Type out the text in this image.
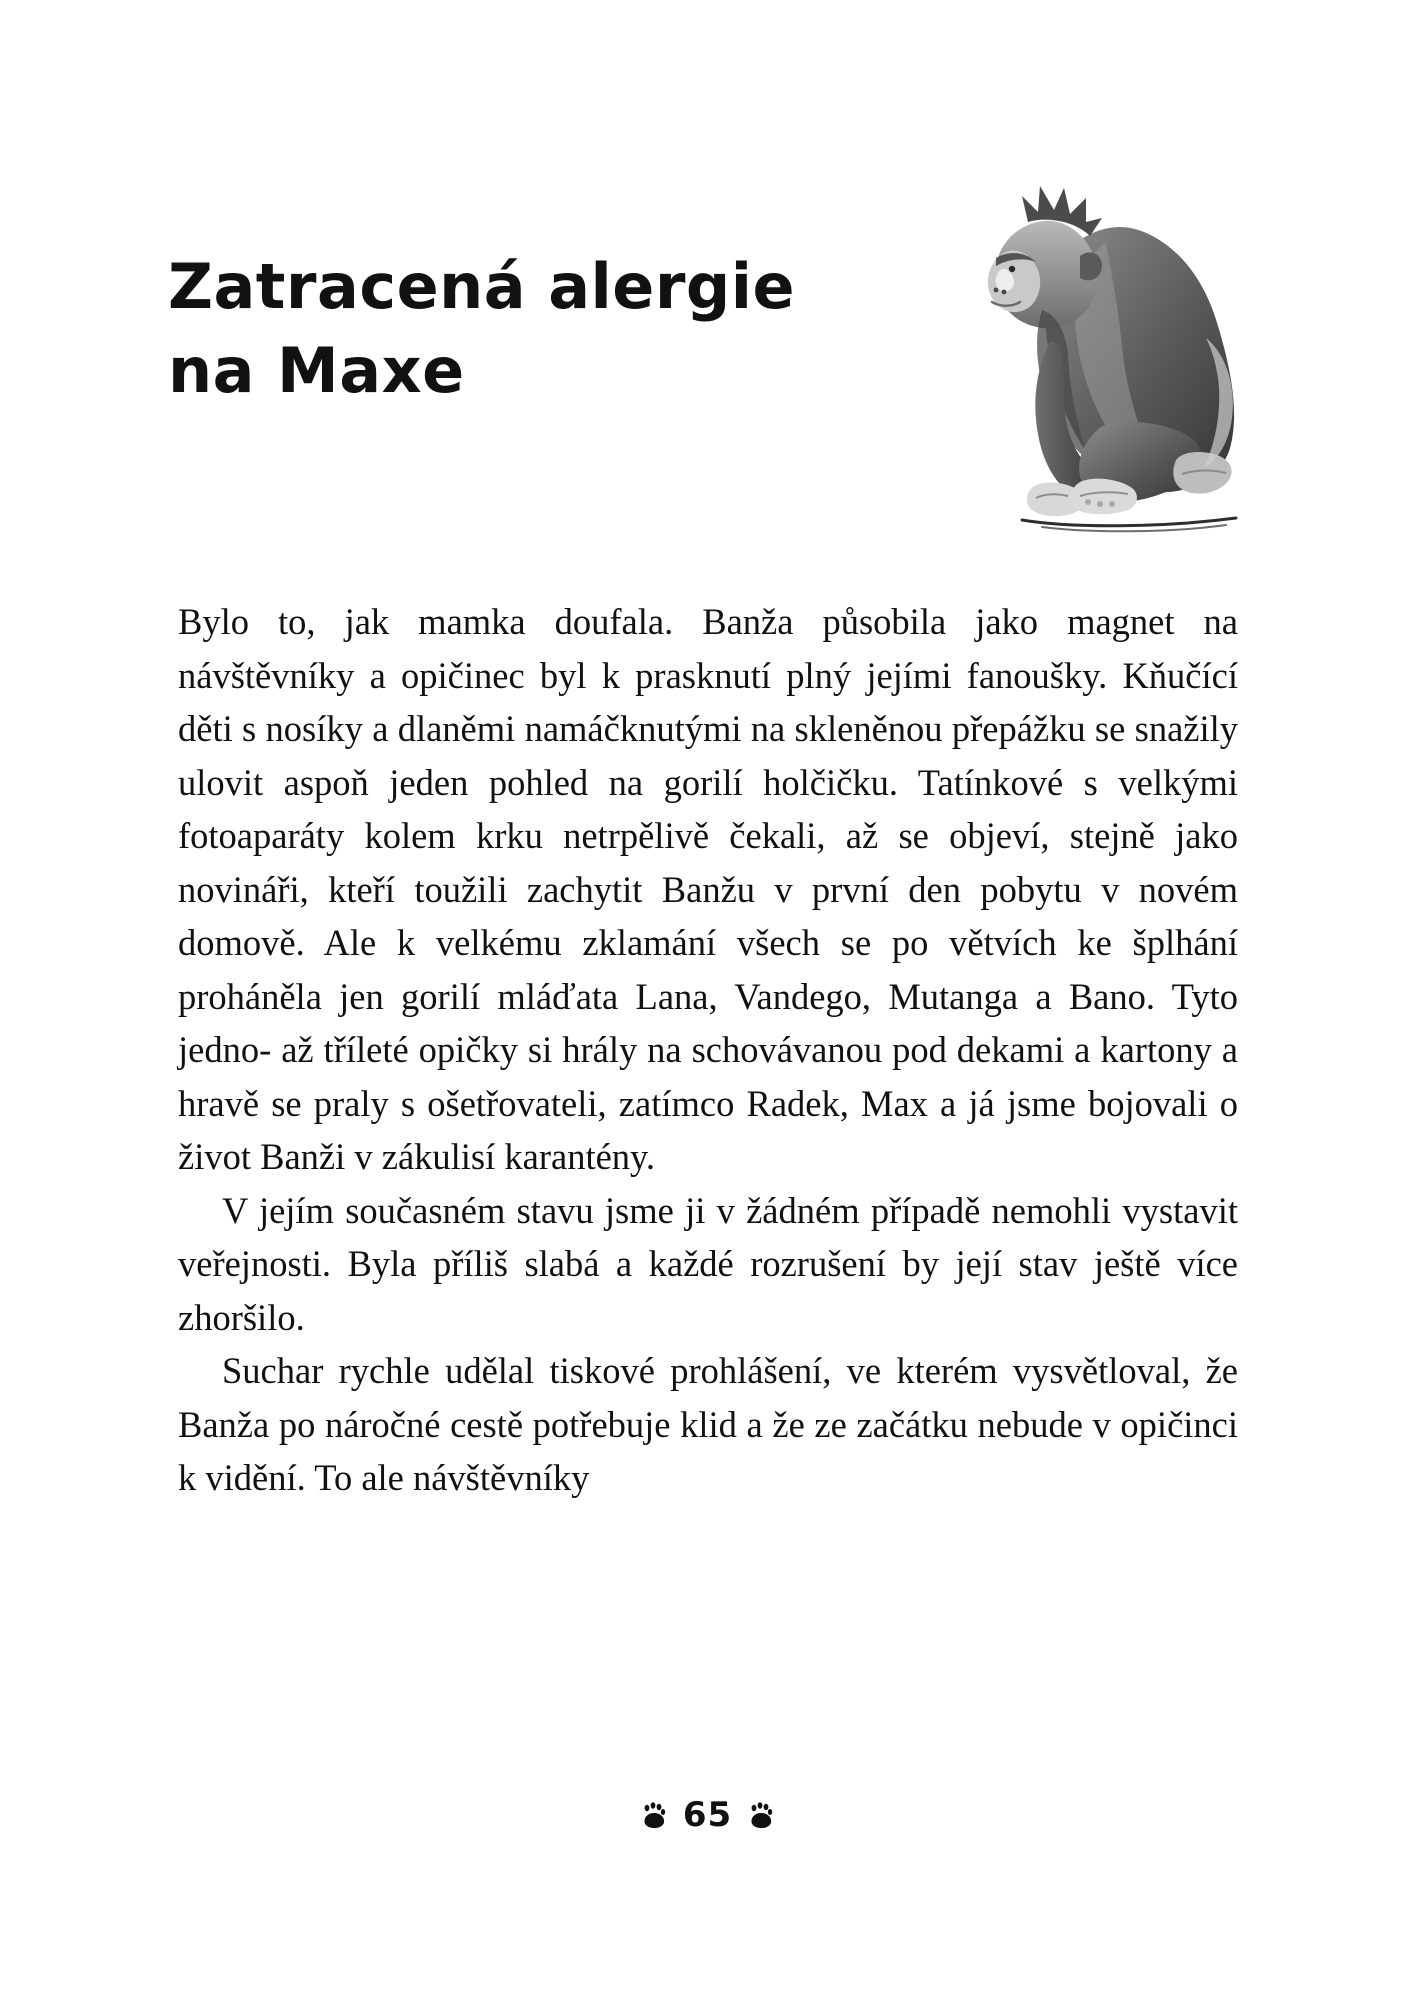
Zatracená alergie
na Maxe

Bylo to, jak mamka doufala. Banža působila jako magnet na návštěvníky a opičinec byl k prasknutí plný jejími fanoušky. Kňučící děti s nosíky a dlaněmi namáčknutými na skleněnou přepážku se snažily ulovit aspoň jeden pohled na gorilí holčičku. Tatínkové s velkými fotoaparáty kolem krku netrpělivě čekali, až se objeví, stejně jako novináři, kteří toužili zachytit Banžu v první den pobytu v novém domově. Ale k velkému zklamání všech se po větvích ke šplhání proháněla jen gorilí mláďata Lana, Vandego, Mutanga a Bano. Tyto jedno- až tříleté opičky si hrály na schovávanou pod dekami a kartony a hravě se praly s ošetřovateli, zatímco Radek, Max a já jsme bojovali o život Banži v zákulisí karantény.

V jejím současném stavu jsme ji v žádném případě nemohli vystavit veřejnosti. Byla příliš slabá a každé rozrušení by její stav ještě více zhoršilo.

Suchar rychle udělal tiskové prohlášení, ve kterém vysvětloval, že Banža po náročné cestě potřebuje klid a že ze začátku nebude v opičinci k vidění. To ale návštěvníky

65
